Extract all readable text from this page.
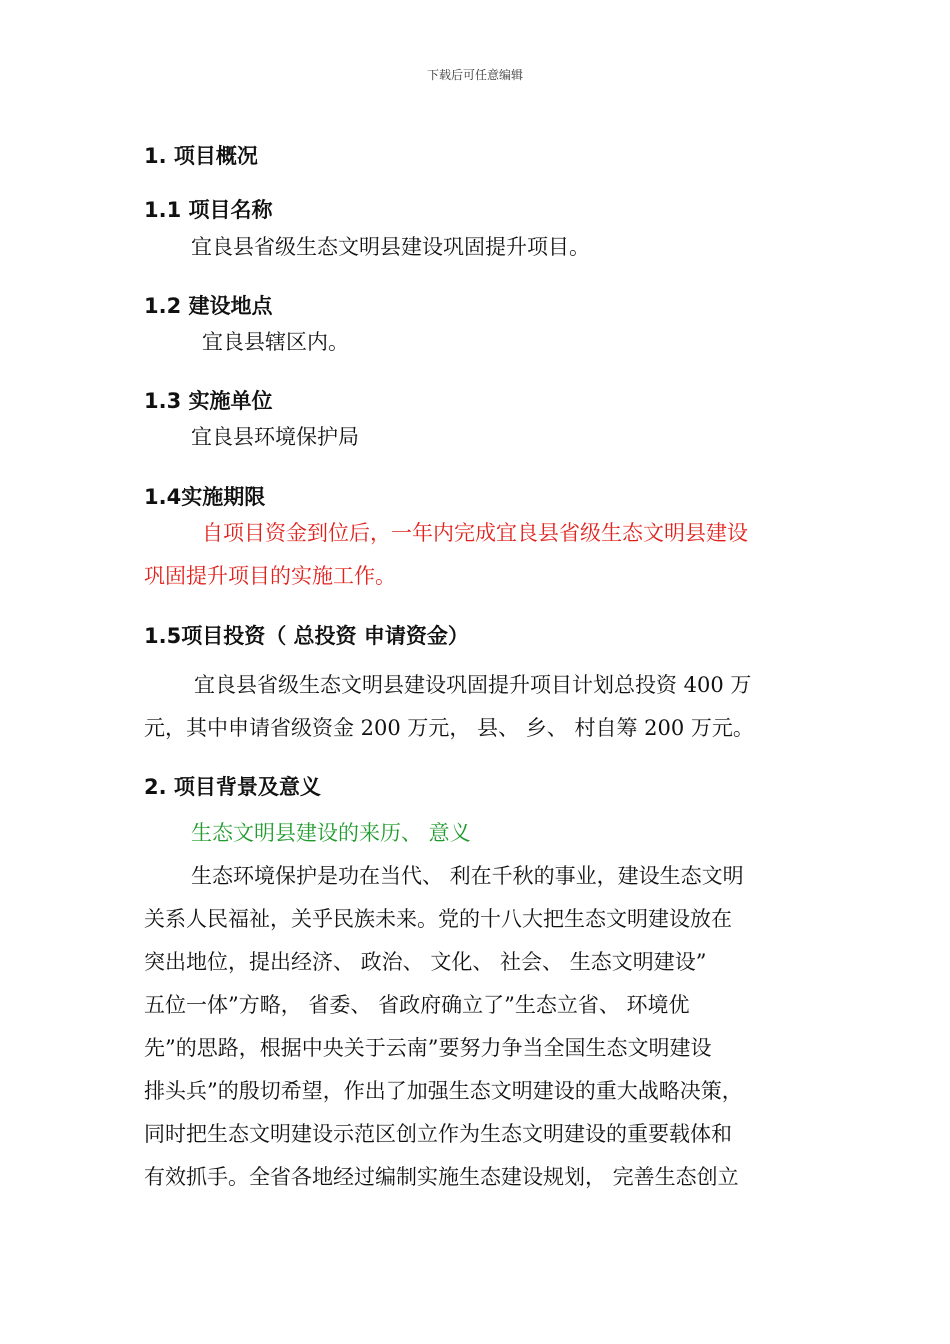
下载后可任意编辑
1. 项目概况
1.1 项目名称
宜良县省级生态文明县建设巩固提升项目。
1.2 建设地点
宜良县辖区内。
1.3 实施单位
宜良县环境保护局
1.4实施期限
自项目资金到位后，一年内完成宜良县省级生态文明县建设
巩固提升项目的实施工作。
1.5项目投资（ 总投资 申请资金）
宜良县省级生态文明县建设巩固提升项目计划总投资 400 万
元，其中申请省级资金 200 万元， 县、 乡、 村自筹 200 万元。
2. 项目背景及意义
生态文明县建设的来历、 意义
生态环境保护是功在当代、 利在千秋的事业，建设生态文明
关系人民福祉，关乎民族未来。党的十八大把生态文明建设放在
突出地位，提出经济、 政治、 文化、 社会、 生态文明建设”
五位一体”方略， 省委、 省政府确立了”生态立省、 环境优
先”的思路，根据中央关于云南”要努力争当全国生态文明建设
排头兵”的殷切希望，作出了加强生态文明建设的重大战略决策，
同时把生态文明建设示范区创立作为生态文明建设的重要载体和
有效抓手。全省各地经过编制实施生态建设规划， 完善生态创立
